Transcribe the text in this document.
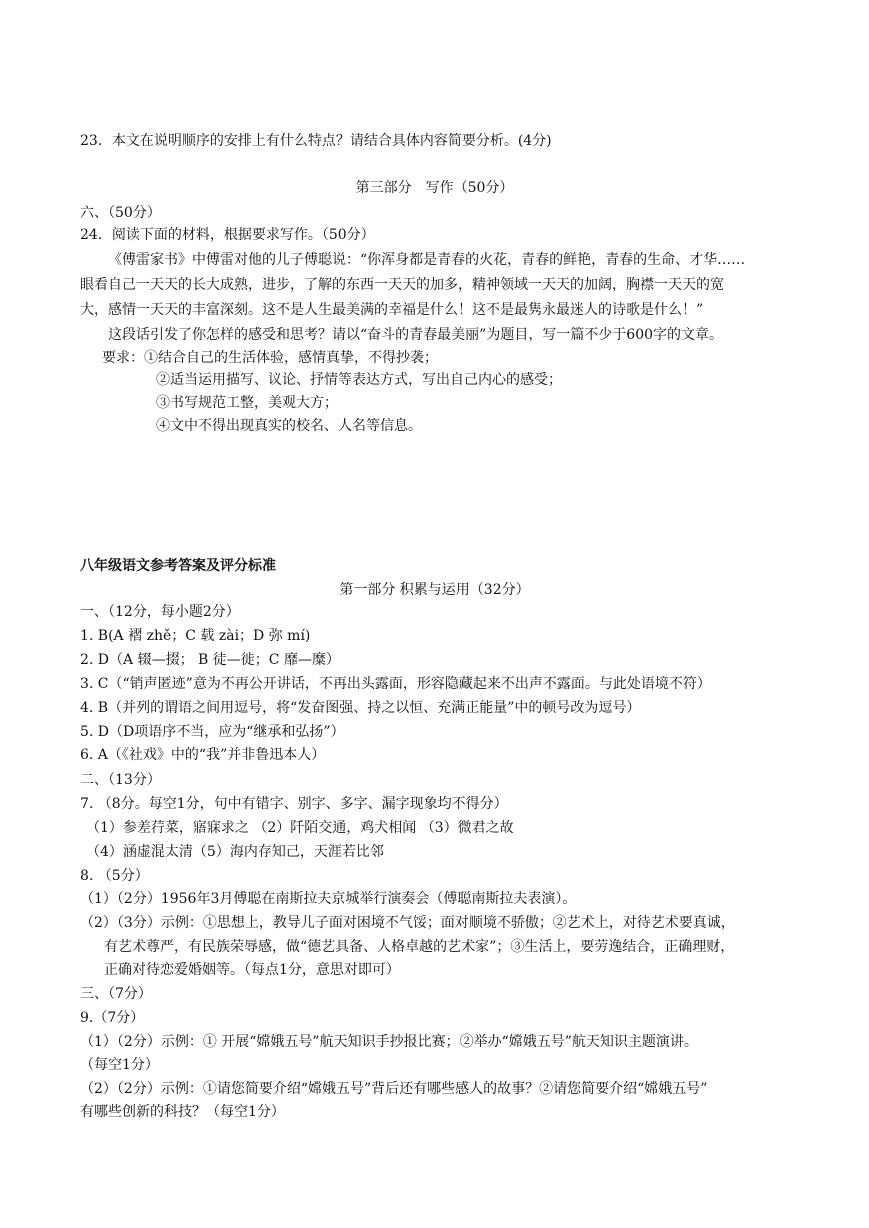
23．本文在说明顺序的安排上有什么特点？请结合具体内容简要分析。(4分)
第三部分　写作（50分）
六、（50分）
24．阅读下面的材料，根据要求写作。（50分）
《傅雷家书》中傅雷对他的儿子傅聪说：“你浑身都是青春的火花，青春的鲜艳，青春的生命、才华……
眼看自己一天天的长大成熟，进步，了解的东西一天天的加多，精神领域一天天的加阔，胸襟一天天的宽
大，感情一天天的丰富深刻。这不是人生最美满的幸福是什么！这不是最隽永最迷人的诗歌是什么！”
这段话引发了你怎样的感受和思考？请以“奋斗的青春最美丽”为题目，写一篇不少于600字的文章。
要求：①结合自己的生活体验，感情真挚，不得抄袭；
②适当运用描写、议论、抒情等表达方式，写出自己内心的感受；
③书写规范工整，美观大方；
④文中不得出现真实的校名、人名等信息。
八年级语文参考答案及评分标准
第一部分 积累与运用（32分）
一、（12分，每小题2分）
1. B(A 褶 zhě；C 载 zài；D 弥 mí)
2. D（A 辍—掇； B 徒—徙；C 靡—糜）
3. C（“销声匿迹”意为不再公开讲话，不再出头露面，形容隐藏起来不出声不露面。与此处语境不符）
4. B（并列的谓语之间用逗号，将“发奋图强、持之以恒、充满正能量”中的顿号改为逗号）
5. D（D项语序不当，应为“继承和弘扬”）
6. A（《社戏》中的“我”并非鲁迅本人）
二、（13分）
7. （8分。每空1分，句中有错字、别字、多字、漏字现象均不得分）
（1）参差荇菜，寤寐求之 （2）阡陌交通，鸡犬相闻 （3）微君之故
（4）涵虚混太清（5）海内存知己，天涯若比邻
8. （5分）
（1）（2分）1956年3月傅聪在南斯拉夫京城举行演奏会（傅聪南斯拉夫表演）。
（2）（3分）示例：①思想上，教导儿子面对困境不气馁；面对顺境不骄傲；②艺术上，对待艺术要真诚，
有艺术尊严，有民族荣辱感，做“德艺具备、人格卓越的艺术家”；③生活上，要劳逸结合，正确理财，
正确对待恋爱婚姻等。（每点1分，意思对即可）
三、（7分）
9.（7分）
（1）（2分）示例：① 开展“嫦娥五号”航天知识手抄报比赛；②举办“嫦娥五号”航天知识主题演讲。
（每空1分）
（2）（2分）示例：①请您简要介绍“嫦娥五号”背后还有哪些感人的故事？②请您简要介绍“嫦娥五号”
有哪些创新的科技？（每空1分）
